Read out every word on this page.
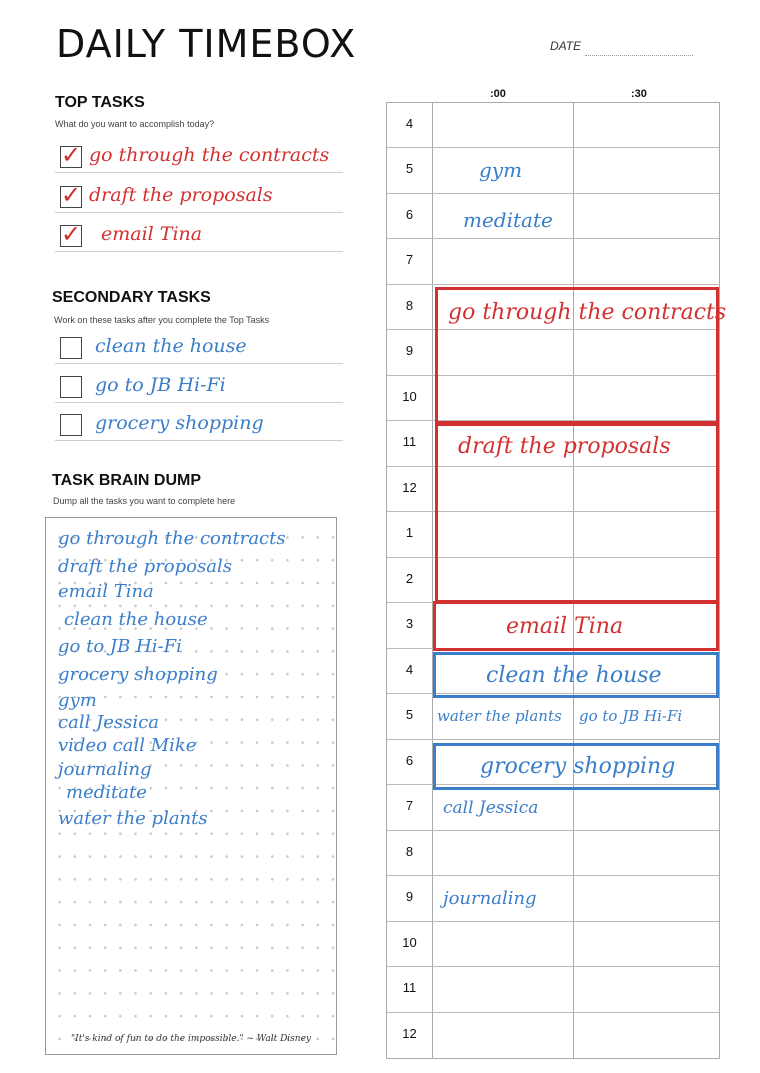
DAILY TIMEBOX	DATE
TOP TASKS
What do you want to accomplish today?
✓ go through the contracts
✓ draft the proposals
✓ email Tina
SECONDARY TASKS
Work on these tasks after you complete the Top Tasks
clean the house
go to JB Hi-Fi
grocery shopping
TASK BRAIN DUMP
Dump all the tasks you want to complete here
go through the contracts
draft the proposals
email Tina
clean the house
go to JB Hi-Fi
grocery shopping
gym
call Jessica
video call Mike
journaling
meditate
water the plants
"It's kind of fun to do the impossible." ~ Walt Disney
:00	:30
4
5
6
7
8
9
10
11
12
1
2
3
4
5
6
7
8
9
10
11
12
gym
meditate
water the plants go to JB Hi-Fi
call Jessica
journaling
go through the contracts
draft the proposals
email Tina
clean the house
grocery shopping
